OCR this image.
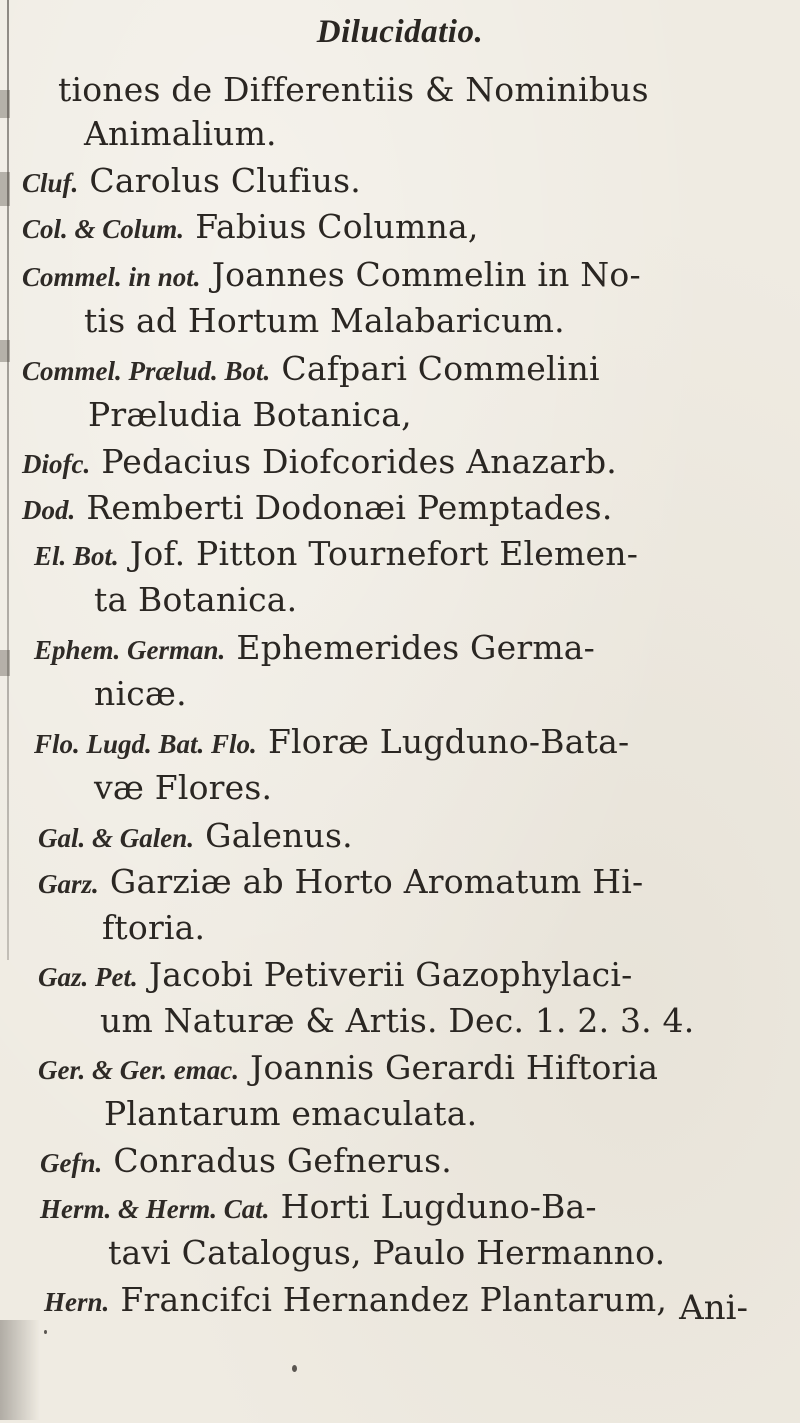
Dilucidatio.
tiones de Differentiis & Nominibus
Animalium.
Cluf. Carolus Clufius.
Col. & Colum. Fabius Columna,
Commel. in not. Joannes Commelin in No-
tis ad Hortum Malabaricum.
Commel. Prælud. Bot. Cafpari Commelini
Præludia Botanica,
Diofc. Pedacius Diofcorides Anazarb.
Dod. Remberti Dodonæi Pemptades.
El. Bot. Jof. Pitton Tournefort Elemen-
ta Botanica.
Ephem. German. Ephemerides Germa-
nicæ.
Flo. Lugd. Bat. Flo. Floræ Lugduno-Bata-
væ Flores.
Gal. & Galen. Galenus.
Garz. Garziæ ab Horto Aromatum Hi-
ftoria.
Gaz. Pet. Jacobi Petiverii Gazophylaci-
um Naturæ & Artis. Dec. 1. 2. 3. 4.
Ger. & Ger. emac. Joannis Gerardi Hiftoria
Plantarum emaculata.
Gefn. Conradus Gefnerus.
Herm. & Herm. Cat. Horti Lugduno-Ba-
tavi Catalogus, Paulo Hermanno.
Hern. Francifci Hernandez Plantarum, Ani-
